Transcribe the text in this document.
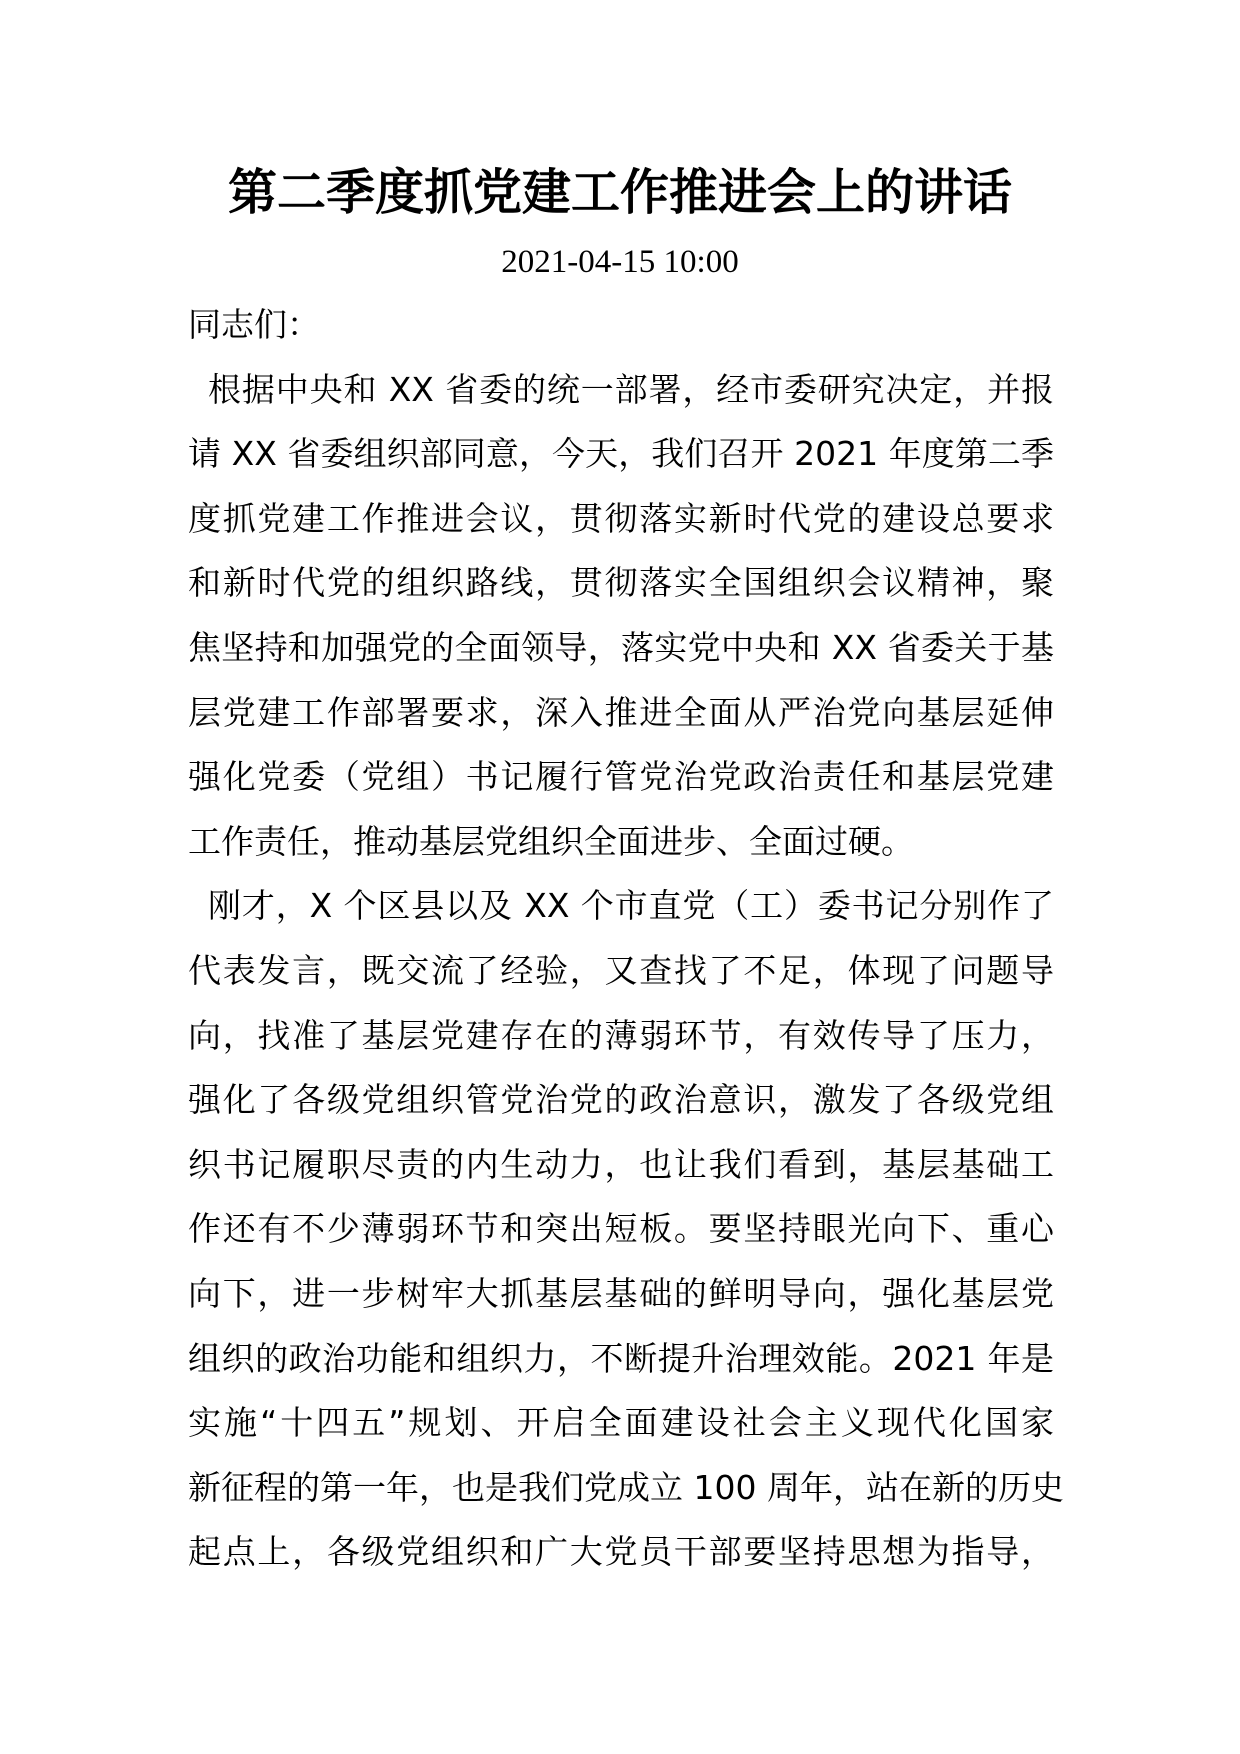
第二季度抓党建工作推进会上的讲话
2021-04-15 10:00
同志们：
根据中央和 XX 省委的统一部署，经市委研究决定，并报
请 XX 省委组织部同意，今天，我们召开 2021 年度第二季
度抓党建工作推进会议，贯彻落实新时代党的建设总要求
和新时代党的组织路线，贯彻落实全国组织会议精神，聚
焦坚持和加强党的全面领导，落实党中央和 XX 省委关于基
层党建工作部署要求，深入推进全面从严治党向基层延伸
强化党委（党组）书记履行管党治党政治责任和基层党建
工作责任，推动基层党组织全面进步、全面过硬。
刚才，X 个区县以及 XX 个市直党（工）委书记分别作了
代表发言，既交流了经验，又查找了不足，体现了问题导
向，找准了基层党建存在的薄弱环节，有效传导了压力，
强化了各级党组织管党治党的政治意识，激发了各级党组
织书记履职尽责的内生动力，也让我们看到，基层基础工
作还有不少薄弱环节和突出短板。要坚持眼光向下、重心
向下，进一步树牢大抓基层基础的鲜明导向，强化基层党
组织的政治功能和组织力，不断提升治理效能。2021 年是
实施“十四五”规划、开启全面建设社会主义现代化国家
新征程的第一年，也是我们党成立 100 周年，站在新的历史
起点上，各级党组织和广大党员干部要坚持思想为指导，
